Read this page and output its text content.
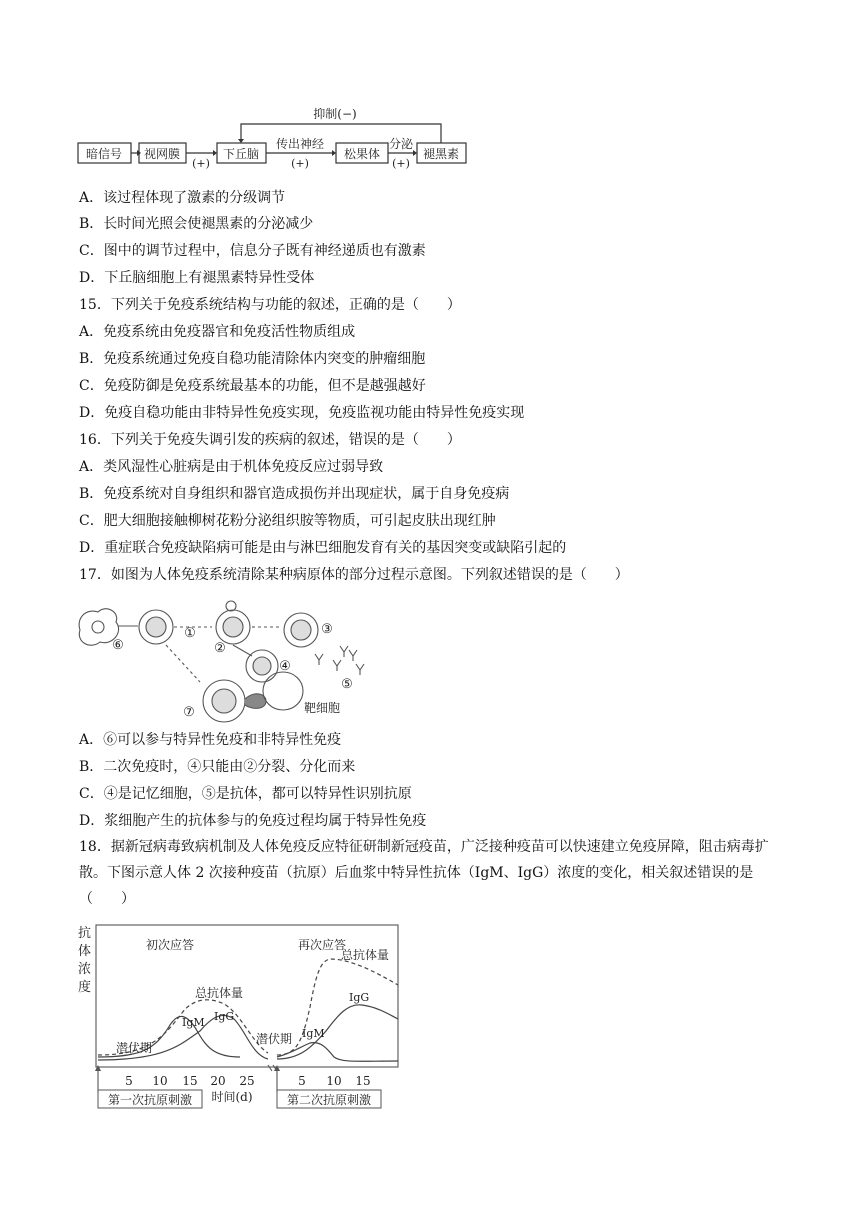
暗信号 视网膜	下丘脑	松果体	褪黑素
(+)	(+)	(+)
传出神经	分泌
抑制(−)
A．该过程体现了激素的分级调节
B．长时间光照会使褪黑素的分泌减少
C．图中的调节过程中，信息分子既有神经递质也有激素
D．下丘脑细胞上有褪黑素特异性受体
15．下列关于免疫系统结构与功能的叙述，正确的是（　　）
A．免疫系统由免疫器官和免疫活性物质组成
B．免疫系统通过免疫自稳功能清除体内突变的肿瘤细胞
C．免疫防御是免疫系统最基本的功能，但不是越强越好
D．免疫自稳功能由非特异性免疫实现，免疫监视功能由特异性免疫实现
16．下列关于免疫失调引发的疾病的叙述，错误的是（　　）
A．类风湿性心脏病是由于机体免疫反应过弱导致
B．免疫系统对自身组织和器官造成损伤并出现症状，属于自身免疫病
C．肥大细胞接触柳树花粉分泌组织胺等物质，可引起皮肤出现红肿
D．重症联合免疫缺陷病可能是由与淋巴细胞发育有关的基因突变或缺陷引起的
17．如图为人体免疫系统清除某种病原体的部分过程示意图。下列叙述错误的是（　　）
⑥
①
②
③
④
⑤
⑦	靶细胞
A．⑥可以参与特异性免疫和非特异性免疫
B．二次免疫时，④只能由②分裂、分化而来
C．④是记忆细胞，⑤是抗体，都可以特异性识别抗原
D．浆细胞产生的抗体参与的免疫过程均属于特异性免疫
18．据新冠病毒致病机制及人体免疫反应特征研制新冠疫苗，广泛接种疫苗可以快速建立免疫屏障，阻击病毒扩散。下图示意人体 2 次接种疫苗（抗原）后血浆中特异性抗体（IgM、IgG）浓度的变化，相关叙述错误的是（　　）
抗 体 浓 度
5 10 15 20 25	5 10 15
时间(d)
初次应答	再次应答
总抗体量
总抗体量
IgM IgG
IgM
IgG
潜伏期
潜伏期
第一次抗原刺激	第二次抗原刺激
